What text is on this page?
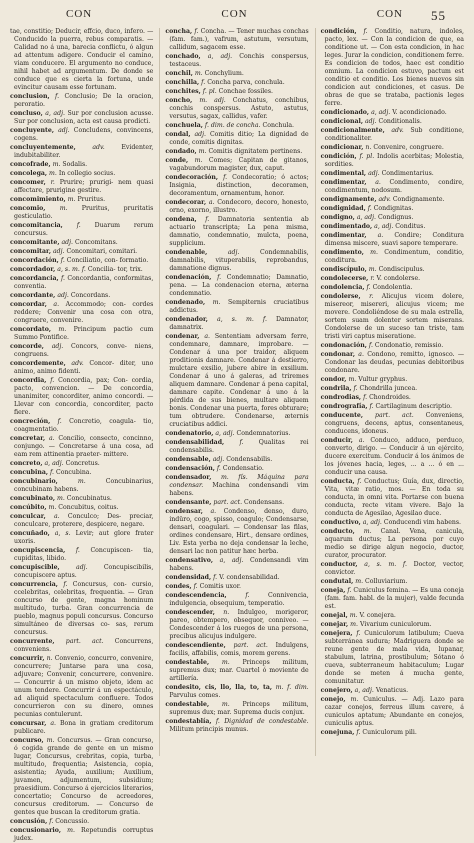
CON	CON	CON 55

tae, constitio; Deducir, effcio, duco, infero. — Conducido la puerra, rebus comparatis. — Calidad no á una, barecia conflictu, ó algun ad attentum adigere. Conducir el camino, viam conducere. El argumento no conduce, nihil habet ad argumentum. De donde se conduce que es cierta la fortuna, unde evincitur causam esse fortunam.

conclusion, f. Conclusio; De la oracion, peroratio.

concluso, a, adj. Sur por conclusion acusse. Sur por conclusion, acta est causa prodicti.

concluyente, adj. Concludens, convincens, cogens.

concluyentemente,	adv.	Evidenter, indubitabiliter.

concofrade, m. Sodalis.

concolega, m. In collegio socius.

concomer, r. Prurire; prurigi- nem quasi affectare, prurigine gestire.

concomimiento, m. Pruritus.

concomio, m. Pruritus, pruritatis gesticulatio.

concomitancia, f. Duarum rerum concursus.

concomitante, adj. Concomitans.

concomitar, adj. Concomitari, comitari.

concordación, f. Conciliatio, con- formatio.

concordador, a, s. m. f. Concilia- tor, trix.

concordancia, f. Concordantia, conformitas, conventia.

concordante, adj. Concordans.

concordar, a. Accommodo; con- cordes reddere; Convenir una cosa con otra, congruere, convenire.

concordato, m. Principum pactio cum Summo Pontifice.

concorde, adj. Concors, conve- niens, congruens.

concordemente, adv. Concor- diter, uno animo, animo fidenti.

concordia, f. Concordia, pax; Con- cordia, pacto, convencion. — De concordia, unanimiter, concorditer, animo concordi. — Llevar con concordia, concorditer, pacto fiere.

concreción, f. Concretio, coagula- tio, coagmentatio.

concretar, a. Concilio, consecto, concinno, conjungo. — Concretarse á una cosa, ad eam rem attinentia praeter- mittere.

concreto, a, adj. Concretus.

concubina, f. Concubina.

concubinario,	m.	Concubinarius, concubinam habens.

concubinato, m. Concubinatus.

concúbito, m. Concubitus, coitus.

conculcar, a. Conculco; Des- preciar, conculcare, proterere, despicere, negare.

concuñado, a, s. Levir; aut glore frater uxoris.

concupiscencia, f. Concupiscen- tia, cupiditas, libido.

concupiscible,	adj.	Concupiscibilis, concupiscere aptus.

concurrencia, f. Concursus, con- cursio, ccelebritas, celebritas, frequentia. — Gran concurso de gente, magna hominum multitudo, turba. Gran concurrencia de pueblo, magnus populi concursus. Concurso simultáneo de diversas co- sas, rerum concursus.

concurrente, part. act. Concurrens, conveniens.

concurrir, n. Convenio, concurro, convenire, concurrere; Juntarse para una cosa, adjuvare; Convenir, concurrere, convenire. — Concurrir á un mismo objeto, idem ac unum tendere. Concurrir á un espectáculo, ad aliquid spectaculum confluere. Todos concurrieron con su dinero, omnes pecunias contulerunt.

concursar, a. Bona in gratiam creditorum publicare.

concurso, m. Concursus. — Gran concurso, ó cogida grande de gente en un mismo lugar, Concursus, crebritas, copia, turba, multitudo, frequentia; Asistencia, copia, asistentia; Ayuda, auxilium; Auxilium, juvamen, adjumentum, subsidium; praesidium. Concurso á ejercicios literarios, concertatio; Concurso de acreedores, concursus creditorum. — Concurso de gentes que buscan la creditorum gratia.

concusión, f. Concussio.

concusionario, m. Repetundis corruptus judex.

concha, f. Concha. — Tener muchas conchas (fam. fam.), vafrum, astutum, versutum, callidum, sagacem esse.

conchado, a, adj. Conchis conspersus, testaceus.

conchil, m. Conchylium.

conchilla, f. Concha parva, conchula.

conchites, f. pl. Conchae fossiles.

concho, m. adj. Conchatus, conchibus, conchis conspersus. Astuto, astutus, versutus, sagax, callidus, vafer.

conchuela, f. dim. de concha. Conchula.

condal, adj. Comitis ditio; La dignidad de conde, comitis dignitas.

condado, m. Comitis dignitatem pertinens.

conde, m. Comes; Capitan de gitanos, vagabundorum magister, dux, caput.

condecoración, f. Condecoratio; ó actos; Insignia, distinction, decoramen, decoramentum, ornamentum, honor.

condecorar, a. Condecoro, decoro, honesto, orno, exorno, illustro.

condena, f. Damnatoria sententia ab actuario transcripta; La pena misma, damnatio, condemnatio, mulcta, poena, supplicium.

condenable,	adj.	Condemnabilis, damnabilis, vituperabilis, reprobandus, damnatione dignus.

condenación, f. Condemnatio; Damnatio, pena. — La condenacion eterna, æterna condemnatio.

condenado, m. Sempiternis cruciatibus addictus.

condenador, a, s. m. f. Damnator, damnatrix.

condenar, a. Sententiam adversam ferre, condemnare, damnare, improbare. — Condenar á una por traidor, aliquem proditionis damnare. Condenar á destierro, mulctare exsilio, jubere abire in exsilium. Condenar á uno á galeras, ad triremes aliquem damnare. Condenar á pena capital, damnare capite. Condenar á uno á la pérdida de sus bienes, multare aliquem bonis. Condenar una puerta, fores obturare; tum obtrudere. Condenarse, æternis cruciatibus addici.

condenatorio, a, adj. Condemnatorius.

condensabilidad, f. Qualitas rei condensabilis.

condensable, adj. Condensabilis.

condensación, f. Condensatio.

condensador, m. fís. Máquina para condensar. Machina condensandi vim habens.

condensante, part. act. Condensans.

condensar, a. Condenso, denso, duro, indüro, cogo, spisso, coagulo; Condensarse, densari, coagulari. — Condensar las filas, ordines condensare, Hirt., densare ordines, Liv. Esta yerba no deja condensar la leche, densari lac non patitur hæc herba.

condensativo, a, adj. Condensandi vim habens.

condensidad, f. V. condensabilidad.

condes, f. Comitis uxor.

condescendencia,	f.	Connivencia, indulgencia, obsequium, temperatio.

condescender, n. Indulgeo, morigeror, pareo, obtempero, obsequor, conniveo. — Condescender á los ruegos de una persona, precibus alicujus indulgere.

condescendiente, part. act. Indulgens, facilis, affabilis, comis, morem gerens.

condestable, m. Princeps militum, supremus dux; mar. Cuartel ó moviente de artillería.

condesito, cis, llo, lla, to, ta, m. f. dim. Parvulus comes.

condestable, m. Princeps militum, supremus dux; mar. Suprema ducis conjux.

condestablía, f. Dignidad de condestable. Militum principis munus.

condición, f. Conditio, natura, indoles, pacto, lex. — Con la condicion de que, ea conditione ut. — Con esta condicion, in hac leges. Jurar la condicion, conditionem ferre. Es condicion de todos, haec est conditio omnium. La condicion estuvo, pactum est conditio et conditio. Los bienes nuevos sin condicion aut condiciones, et casus. De obras de que se trataba, pactionis leges ferre.

condicionado, a, adj. V. acondicionado.

condicional, adj. Conditionalis.

condicionalmente, adv. Sub conditione, conditionaliter.

condicionar, n. Convenire, congruere.

condición, f. pl. Indolis acerbitas; Molestia, sordities.

condimental, adj. Condimentarius.

condimentar, a. Condimento, condire, condimentum, nodosum.

condignamente, adv. Condignamente.

condignidad, f. Condignitas.

condigno, a, adj. Condignus.

condimentado, a, adj. Conditus.

condimentar, a. Condire; Conditura dimensa miscere, suavi sapore temperare.

condimento, m. Condimentum, conditio, conditura.

condiscípulo, m. Condiscipulus.

condolecerse, r. V. condolerse.

condolencia, f. Condolentia.

condolerse, r. Alicujus vicem dolere, misereor, misereri, alicujus vicem; me movere. Condoliéndose de su mala estrella, sortem suam dolenter sortem miserans. Condolerse de un suceso tan triste, tam tristi viri captus miseratione.

condonación, f. Condonatio, remissio.

condonar, a. Condono, remitto, ignosco. — Condonar las deudas, pecunias debitoribus condonare.

condor, m. Vultur gryphus.

condrila, f. Chondrilla juncea.

condrodias, f. Chondroides.

condrografía, f. Cartilaginum descriptio.

conducente, part. act. Conveniens, congruens, decens, aptus, consentaneus, conducens, idoneus.

conducir, a. Conduco, adduco, perduco, converto, dirigo. — Conducir á un ejército, ducere exercitum. Conducir á los ánimos de los jóvenes hacia, leges, ... a ... ó en ... conducir una causa.

conducta, f. Conductus; Guía, dux, directio, Vita, vitæ ratio, mos. — En toda su conducta, in omni vita. Portarse con buena conducta, recte vitam vivere. Bajo la conducta de Agesilao, Agesilao duce.

conductivo, a, adj. Conducendi vim habens.

conducto, m. Canal. Vena, canicula, aquarum ductus; La persona por cuyo medio se dirige algun negocio, ductor, curator, procurator.

conductor, a, s. m. f. Doctor, vector, convictor.

condutal, m. Colluviarium.

coneja, f. Cuniculus femina. — Es una coneja (fam. fam. habl. de la mujer), valde fecunda est.

conejal, m. V. conejera.

conejar, m. Vivarium cuniculorum.

conejera, f. Cuniculorum latibulum; Cueva subterránea sudura; Madriguera donde se reune gente de mala vida, lupanar, stabulum, latrina, prostibulum; Sótano ó cueva, subterraneum habitaculum; Lugar donde se meten á mucha gente, comunitatur.

conejero, a, adj. Venaticus.

conejo, m. Cuniculus. — Adj. Lazo para cazar conejos, ferreus illum cavere, á cuniculos aptatum; Abundante en conejos, cuniculis aptus.

conejuna, f. Cuniculorum pili.
